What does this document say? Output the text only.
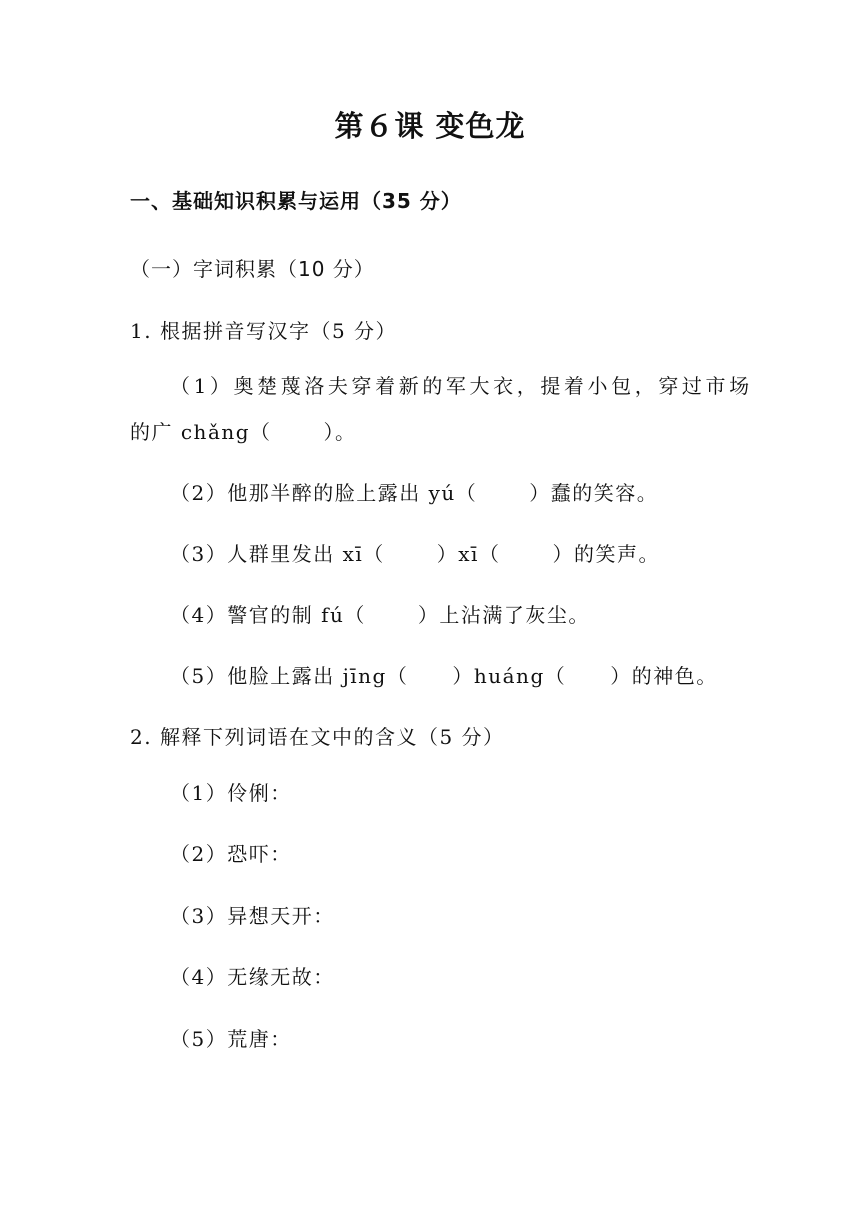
第６课 变色龙
一、基础知识积累与运用（35 分）
（一）字词积累（10 分）
1. 根据拼音写汉字（5 分）
（1）奥楚蔑洛夫穿着新的军大衣，提着小包，穿过市场
的广 chǎng（	）。
（2）他那半醉的脸上露出 yú（	）蠢的笑容。
（3）人群里发出 xī（	）xī（	）的笑声。
（4）警官的制 fú（	）上沾满了灰尘。
（5）他脸上露出 jīng（ ）huáng（ ）的神色。
2. 解释下列词语在文中的含义（5 分）
（1）伶俐：
（2）恐吓：
（3）异想天开：
（4）无缘无故：
（5）荒唐：
